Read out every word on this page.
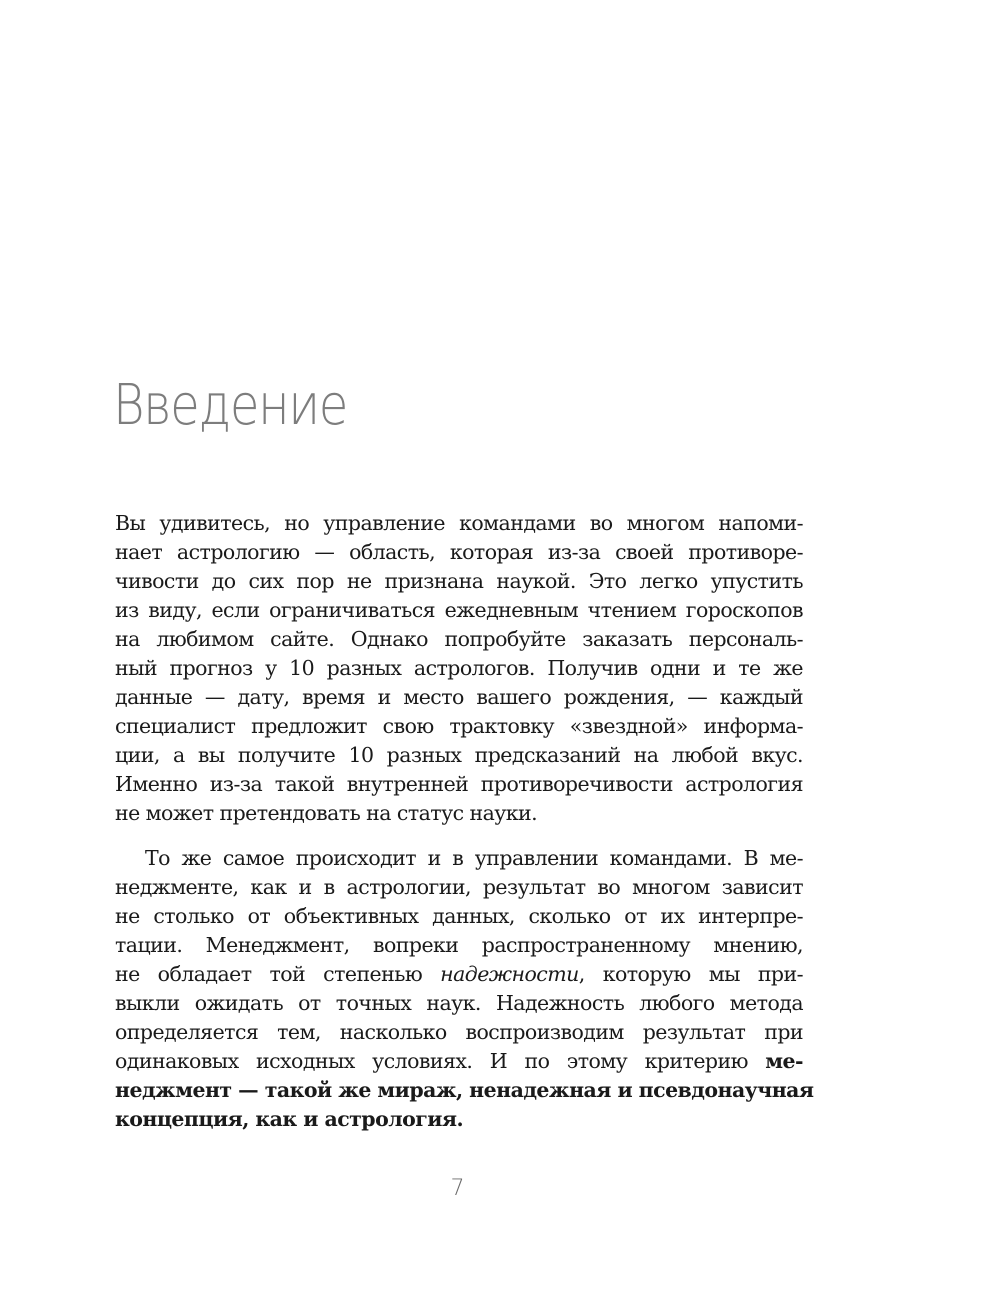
Введение
Вы удивитесь, но управление командами во многом напоми-
нает астрологию — область, которая из-за своей противоре-
чивости до сих пор не признана наукой. Это легко упустить
из виду, если ограничиваться ежедневным чтением гороскопов
на любимом сайте. Однако попробуйте заказать персональ-
ный прогноз у 10 разных астрологов. Получив одни и те же
данные — дату, время и место вашего рождения, — каждый
специалист предложит свою трактовку «звездной» информа-
ции, а вы получите 10 разных предсказаний на любой вкус.
Именно из-за такой внутренней противоречивости астрология
не может претендовать на статус науки.
То же самое происходит и в управлении командами. В ме-
неджменте, как и в астрологии, результат во многом зависит
не столько от объективных данных, сколько от их интерпре-
тации. Менеджмент, вопреки распространенному мнению,
не обладает той степенью надежности, которую мы при-
выкли ожидать от точных наук. Надежность любого метода
определяется тем, насколько воспроизводим результат при
одинаковых исходных условиях. И по этому критерию ме-
неджмент — такой же мираж, ненадежная и псевдонаучная
концепция, как и астрология.
7
